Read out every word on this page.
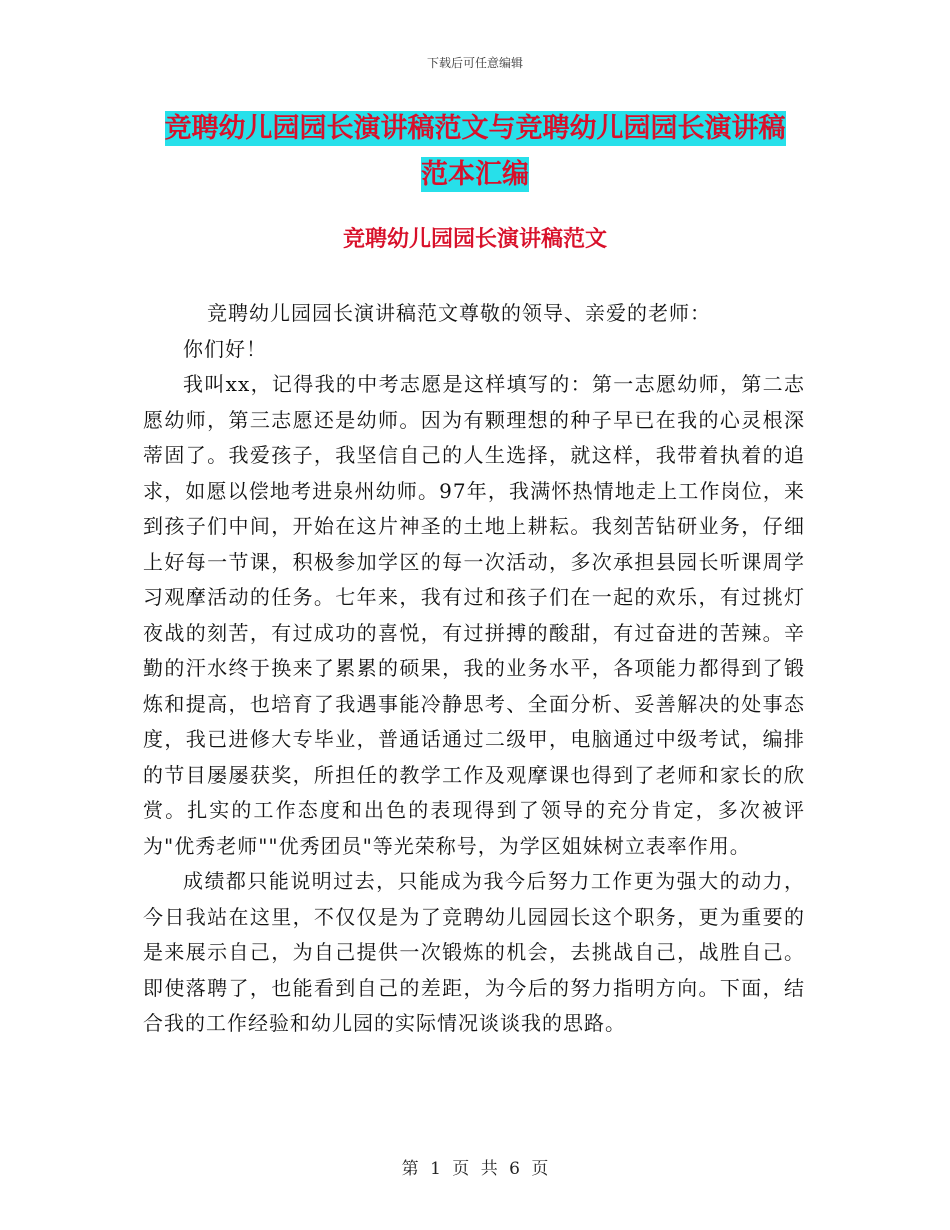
下载后可任意编辑
竞聘幼儿园园长演讲稿范文与竞聘幼儿园园长演讲稿
范本汇编
竞聘幼儿园园长演讲稿范文

竞聘幼儿园园长演讲稿范文尊敬的领导、亲爱的老师：

你们好！

我叫xx，记得我的中考志愿是这样填写的：第一志愿幼师，第二志愿幼师，第三志愿还是幼师。因为有颗理想的种子早已在我的心灵根深蒂固了。我爱孩子，我坚信自己的人生选择，就这样，我带着执着的追求，如愿以偿地考进泉州幼师。97年，我满怀热情地走上工作岗位，来到孩子们中间，开始在这片神圣的土地上耕耘。我刻苦钻研业务，仔细上好每一节课，积极参加学区的每一次活动，多次承担县园长听课周学习观摩活动的任务。七年来，我有过和孩子们在一起的欢乐，有过挑灯夜战的刻苦，有过成功的喜悦，有过拼搏的酸甜，有过奋进的苦辣。辛勤的汗水终于换来了累累的硕果，我的业务水平，各项能力都得到了锻炼和提高，也培育了我遇事能冷静思考、全面分析、妥善解决的处事态度，我已进修大专毕业，普通话通过二级甲，电脑通过中级考试，编排的节目屡屡获奖，所担任的教学工作及观摩课也得到了老师和家长的欣赏。扎实的工作态度和出色的表现得到了领导的充分肯定，多次被评为"优秀老师""优秀团员"等光荣称号，为学区姐妹树立表率作用。

成绩都只能说明过去，只能成为我今后努力工作更为强大的动力，今日我站在这里，不仅仅是为了竞聘幼儿园园长这个职务，更为重要的是来展示自己，为自己提供一次锻炼的机会，去挑战自己，战胜自己。即使落聘了，也能看到自己的差距，为今后的努力指明方向。下面，结合我的工作经验和幼儿园的实际情况谈谈我的思路。

第 1 页 共 6 页
